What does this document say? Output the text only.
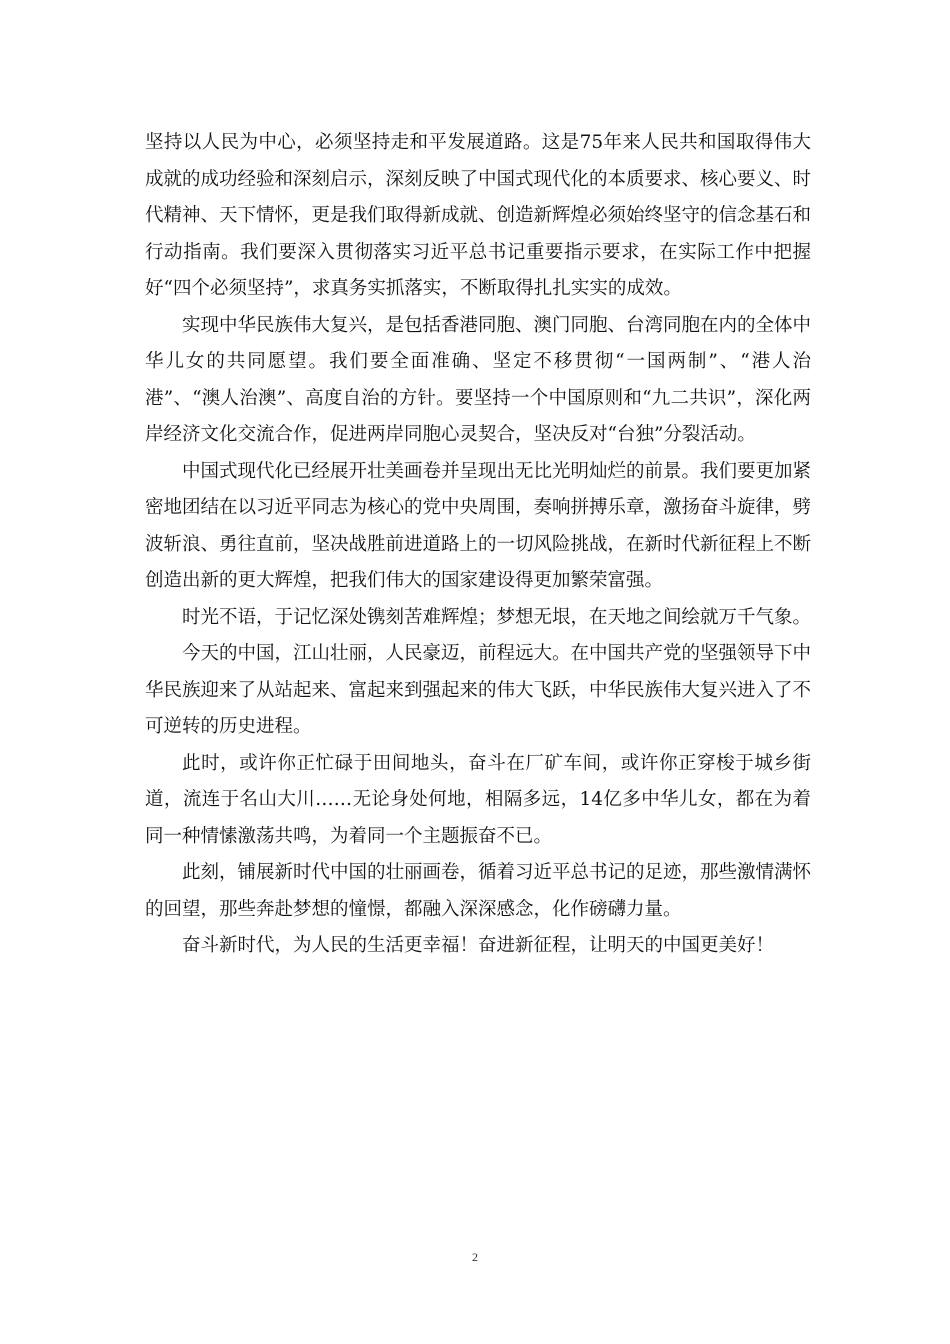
坚持以人民为中心，必须坚持走和平发展道路。这是75年来人民共和国取得伟大成就的成功经验和深刻启示，深刻反映了中国式现代化的本质要求、核心要义、时代精神、天下情怀，更是我们取得新成就、创造新辉煌必须始终坚守的信念基石和行动指南。我们要深入贯彻落实习近平总书记重要指示要求，在实际工作中把握好“四个必须坚持”，求真务实抓落实，不断取得扎扎实实的成效。

实现中华民族伟大复兴，是包括香港同胞、澳门同胞、台湾同胞在内的全体中华儿女的共同愿望。我们要全面准确、坚定不移贯彻“一国两制”、“港人治港”、“澳人治澳”、高度自治的方针。要坚持一个中国原则和“九二共识”，深化两岸经济文化交流合作，促进两岸同胞心灵契合，坚决反对“台独”分裂活动。

中国式现代化已经展开壮美画卷并呈现出无比光明灿烂的前景。我们要更加紧密地团结在以习近平同志为核心的党中央周围，奏响拼搏乐章，激扬奋斗旋律，劈波斩浪、勇往直前，坚决战胜前进道路上的一切风险挑战，在新时代新征程上不断创造出新的更大辉煌，把我们伟大的国家建设得更加繁荣富强。

时光不语，于记忆深处镌刻苦难辉煌；梦想无垠，在天地之间绘就万千气象。

今天的中国，江山壮丽，人民豪迈，前程远大。在中国共产党的坚强领导下中华民族迎来了从站起来、富起来到强起来的伟大飞跃，中华民族伟大复兴进入了不可逆转的历史进程。

此时，或许你正忙碌于田间地头，奋斗在厂矿车间，或许你正穿梭于城乡街道，流连于名山大川……无论身处何地，相隔多远，14亿多中华儿女，都在为着同一种情愫激荡共鸣，为着同一个主题振奋不已。

此刻，铺展新时代中国的壮丽画卷，循着习近平总书记的足迹，那些激情满怀的回望，那些奔赴梦想的憧憬，都融入深深感念，化作磅礴力量。

奋斗新时代，为人民的生活更幸福！奋进新征程，让明天的中国更美好！

2
